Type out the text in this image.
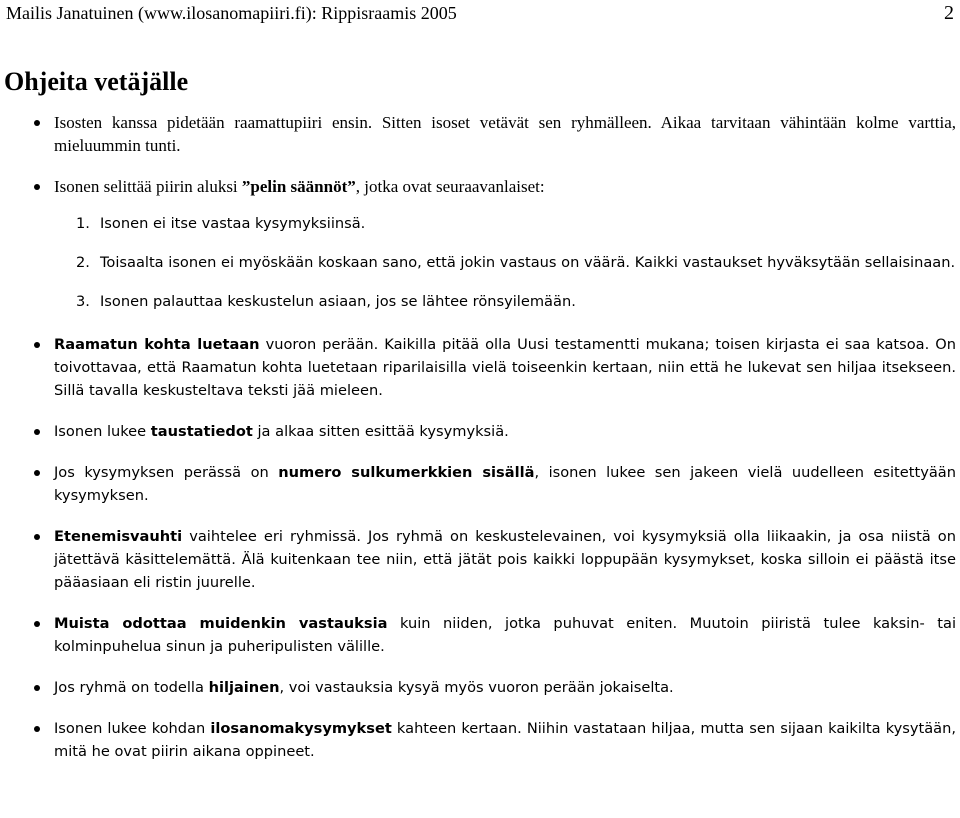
Mailis Janatuinen (www.ilosanomapiiri.fi): Rippisraamis 2005	2
Ohjeita vetäjälle
Isosten kanssa pidetään raamattupiiri ensin. Sitten isoset vetävät sen ryhmälleen. Aikaa tarvitaan vähintään kolme varttia, mieluummin tunti.
Isonen selittää piirin aluksi ”pelin säännöt”, jotka ovat seuraavanlaiset:
1. Isonen ei itse vastaa kysymyksiinsä.
2. Toisaalta isonen ei myöskään koskaan sano, että jokin vastaus on väärä. Kaikki vastaukset hyväksytään sellaisinaan.
3. Isonen palauttaa keskustelun asiaan, jos se lähtee rönsyilemään.
Raamatun kohta luetaan vuoron perään. Kaikilla pitää olla Uusi testamentti mukana; toisen kirjasta ei saa katsoa. On toivottavaa, että Raamatun kohta luetetaan riparilaisilla vielä toiseenkin kertaan, niin että he lukevat sen hiljaa itsekseen. Sillä tavalla keskusteltava teksti jää mieleen.
Isonen lukee taustatiedot ja alkaa sitten esittää kysymyksiä.
Jos kysymyksen perässä on numero sulkumerkkien sisällä, isonen lukee sen jakeen vielä uudelleen esitettyään kysymyksen.
Etenemisvauhti vaihtelee eri ryhmissä. Jos ryhmä on keskustelevainen, voi kysymyksiä olla liikaakin, ja osa niistä on jätettävä käsittelemättä. Älä kuitenkaan tee niin, että jätät pois kaikki loppupään kysymykset, koska silloin ei päästä itse pääasiaan eli ristin juurelle.
Muista odottaa muidenkin vastauksia kuin niiden, jotka puhuvat eniten. Muutoin piiristä tulee kaksin- tai kolminpuhelua sinun ja puheripulisten välille.
Jos ryhmä on todella hiljainen, voi vastauksia kysyä myös vuoron perään jokaiselta.
Isonen lukee kohdan ilosanomakysymykset kahteen kertaan. Niihin vastataan hiljaa, mutta sen sijaan kaikilta kysytään, mitä he ovat piirin aikana oppineet.
